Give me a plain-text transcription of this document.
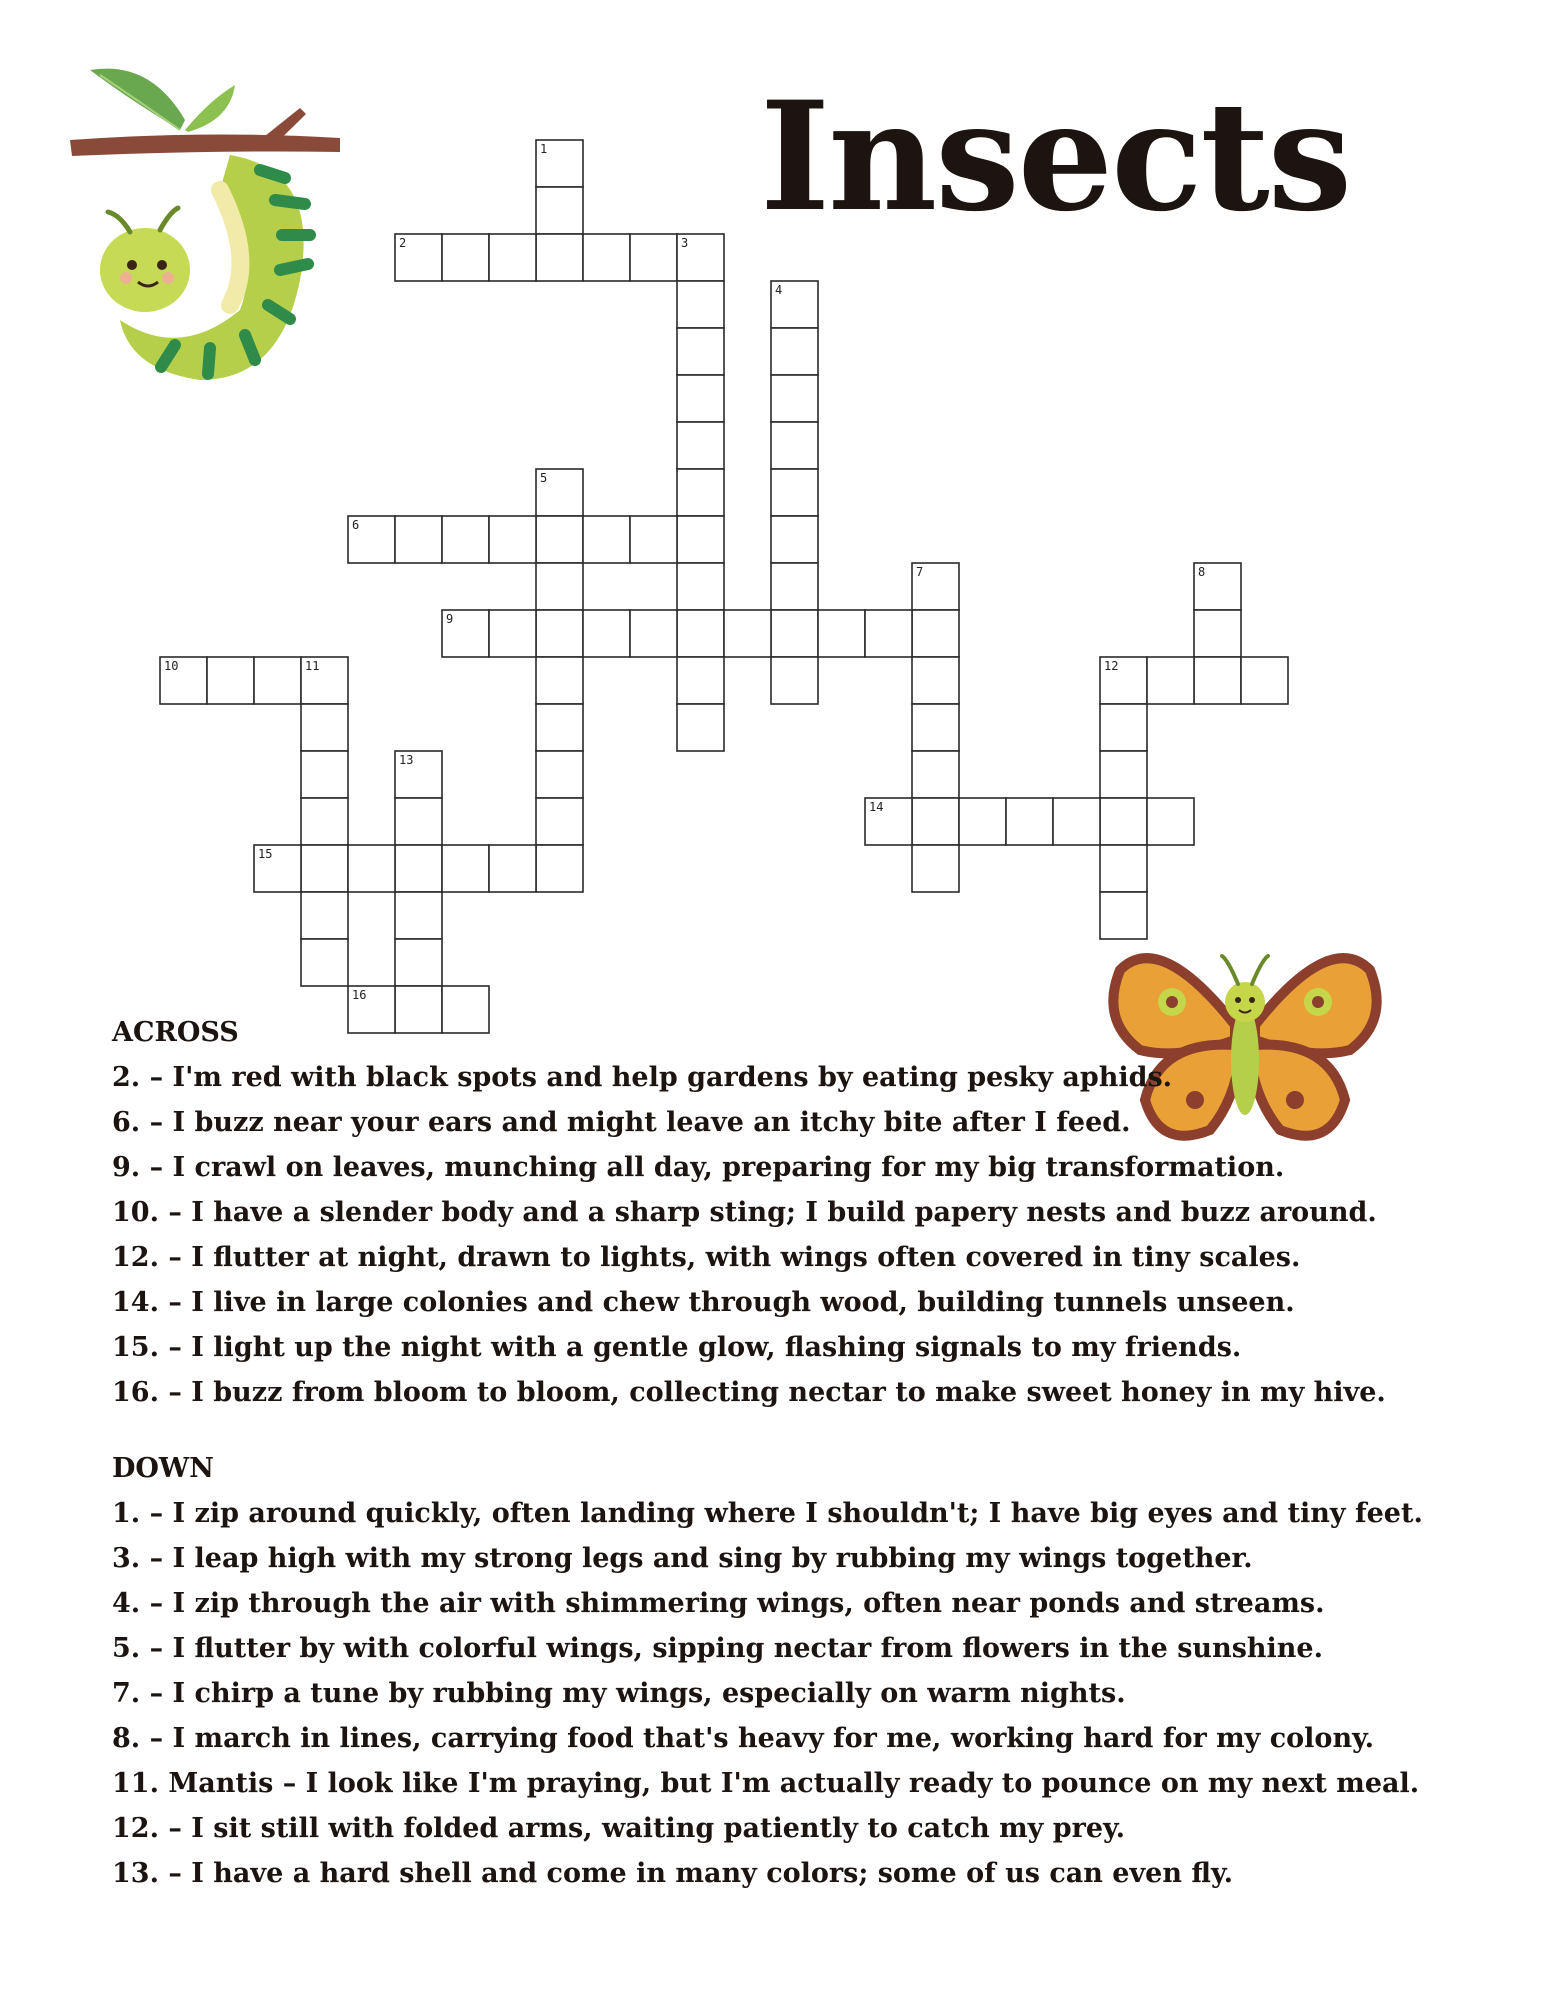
Insects
1
2	3
4
5
6
7	8
9
10	11	12
13
14
15
16
ACROSS
2. – I'm red with black spots and help gardens by eating pesky aphids.
6. – I buzz near your ears and might leave an itchy bite after I feed.
9. – I crawl on leaves, munching all day, preparing for my big transformation.
10. – I have a slender body and a sharp sting; I build papery nests and buzz around.
12. – I flutter at night, drawn to lights, with wings often covered in tiny scales.
14. – I live in large colonies and chew through wood, building tunnels unseen.
15. – I light up the night with a gentle glow, flashing signals to my friends.
16. – I buzz from bloom to bloom, collecting nectar to make sweet honey in my hive.
DOWN
1. – I zip around quickly, often landing where I shouldn't; I have big eyes and tiny feet.
3. – I leap high with my strong legs and sing by rubbing my wings together.
4. – I zip through the air with shimmering wings, often near ponds and streams.
5. – I flutter by with colorful wings, sipping nectar from flowers in the sunshine.
7. – I chirp a tune by rubbing my wings, especially on warm nights.
8. – I march in lines, carrying food that's heavy for me, working hard for my colony.
11. Mantis – I look like I'm praying, but I'm actually ready to pounce on my next meal.
12. – I sit still with folded arms, waiting patiently to catch my prey.
13. – I have a hard shell and come in many colors; some of us can even fly.
